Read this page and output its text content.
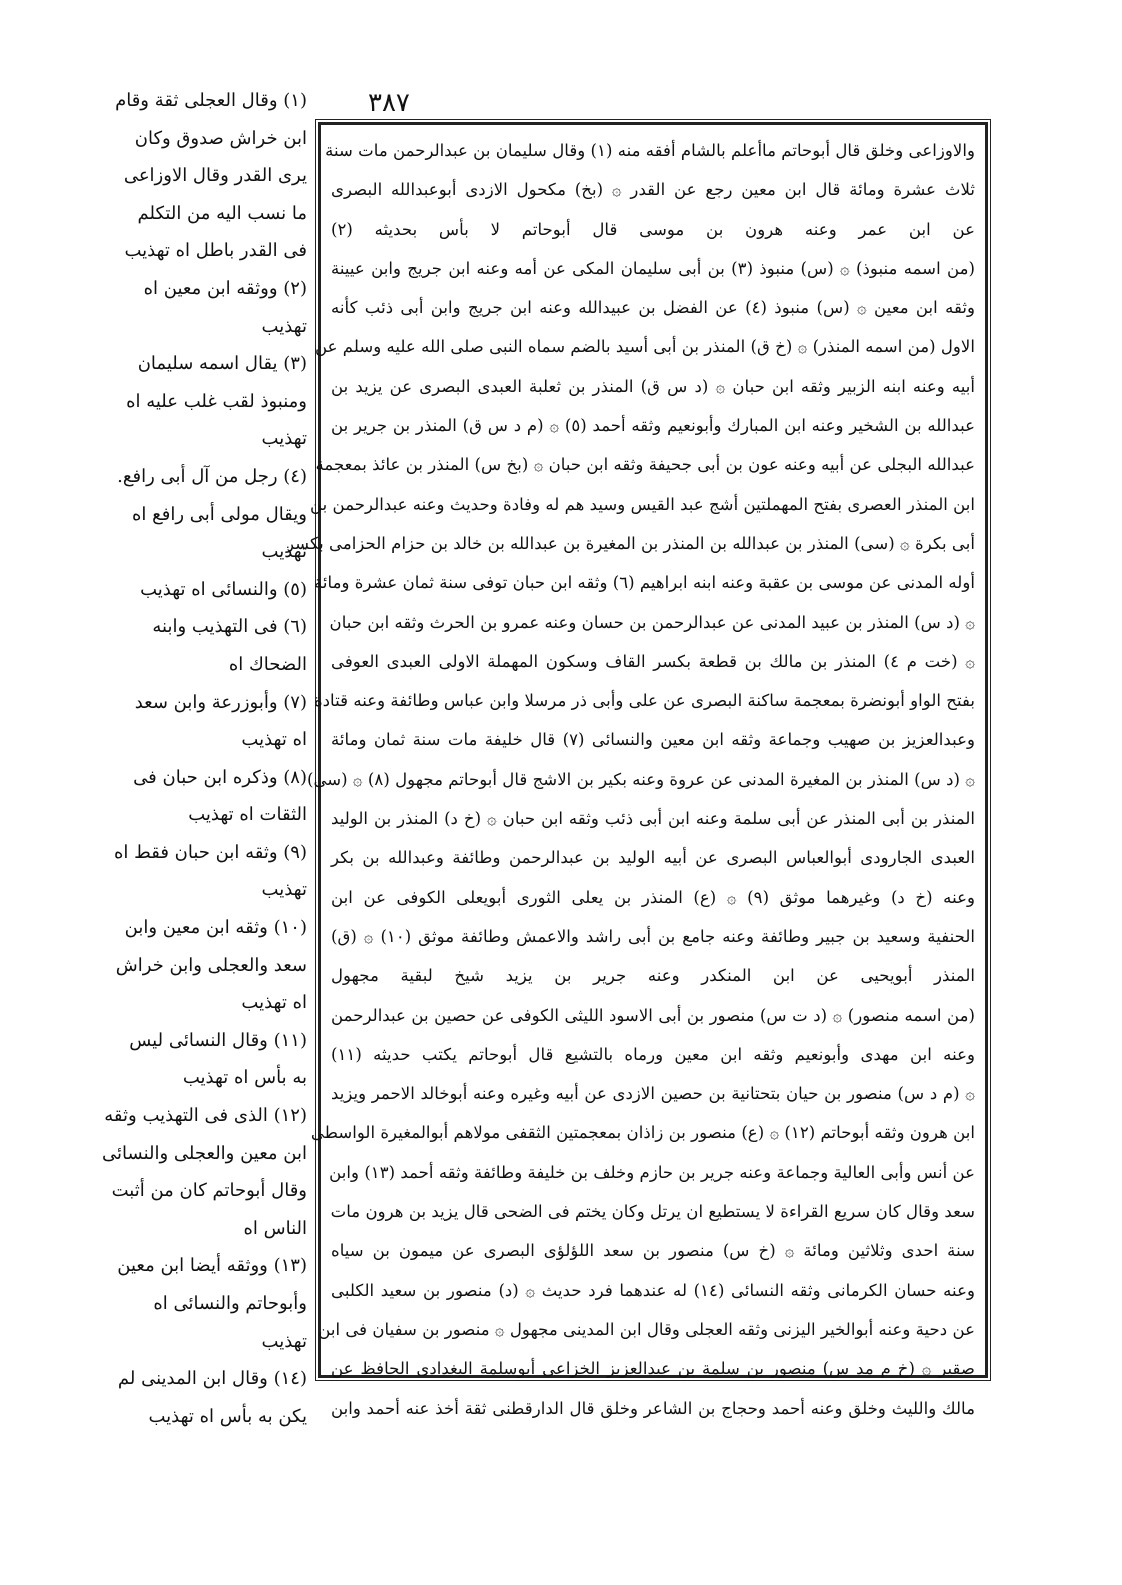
٣٨٧
والاوزاعى وخلق قال أبوحاتم ماأعلم بالشام أفقه منه (١) وقال سليمان بن عبدالرحمن مات سنة
ثلاث عشرة ومائة قال ابن معين رجع عن القدر ۞ (بخ) مكحول الازدى أبوعبدالله البصرى
عن ابن عمر وعنه هرون بن موسى قال أبوحاتم لا بأس بحديثه (٢)
(من اسمه منبوذ) ۞ (س) منبوذ (٣) بن أبى سليمان المكى عن أمه وعنه ابن جريج وابن عيينة
وثقه ابن معين ۞ (س) منبوذ (٤) عن الفضل بن عبيدالله وعنه ابن جريج وابن أبى ذئب كأنه
الاول (من اسمه المنذر) ۞ (خ ق) المنذر بن أبى أسيد بالضم سماه النبى صلى الله عليه وسلم عن
أبيه وعنه ابنه الزبير وثقه ابن حبان ۞ (د س ق) المنذر بن ثعلبة العبدى البصرى عن يزيد بن
عبدالله بن الشخير وعنه ابن المبارك وأبونعيم وثقه أحمد (٥) ۞ (م د س ق) المنذر بن جرير بن
عبدالله البجلى عن أبيه وعنه عون بن أبى جحيفة وثقه ابن حبان ۞ (بخ س) المنذر بن عائذ بمعجمة
ابن المنذر العصرى بفتح المهملتين أشج عبد القيس وسيد هم له وفادة وحديث وعنه عبدالرحمن بن
أبى بكرة ۞ (سى) المنذر بن عبدالله بن المنذر بن المغيرة بن عبدالله بن خالد بن حزام الحزامى بكسر
أوله المدنى عن موسى بن عقبة وعنه ابنه ابراهيم (٦) وثقه ابن حبان توفى سنة ثمان عشرة ومائة
۞ (د س) المنذر بن عبيد المدنى عن عبدالرحمن بن حسان وعنه عمرو بن الحرث وثقه ابن حبان
۞ (خت م ٤) المنذر بن مالك بن قطعة بكسر القاف وسكون المهملة الاولى العبدى العوفى
بفتح الواو أبونضرة بمعجمة ساكنة البصرى عن على وأبى ذر مرسلا وابن عباس وطائفة وعنه قتادة
وعبدالعزيز بن صهيب وجماعة وثقه ابن معين والنسائى (٧) قال خليفة مات سنة ثمان ومائة
۞ (د س) المنذر بن المغيرة المدنى عن عروة وعنه بكير بن الاشج قال أبوحاتم مجهول (٨) ۞ (سى)
المنذر بن أبى المنذر عن أبى سلمة وعنه ابن أبى ذئب وثقه ابن حبان ۞ (خ د) المنذر بن الوليد
العبدى الجارودى أبوالعباس البصرى عن أبيه الوليد بن عبدالرحمن وطائفة وعبدالله بن بكر
وعنه (خ د) وغيرهما موثق (٩) ۞ (ع) المنذر بن يعلى الثورى أبويعلى الكوفى عن ابن
الحنفية وسعيد بن جبير وطائفة وعنه جامع بن أبى راشد والاعمش وطائفة موثق (١٠) ۞ (ق)
المنذر أبويحيى عن ابن المنكدر وعنه جرير بن يزيد شيخ لبقية مجهول
(من اسمه منصور) ۞ (د ت س) منصور بن أبى الاسود الليثى الكوفى عن حصين بن عبدالرحمن
وعنه ابن مهدى وأبونعيم وثقه ابن معين ورماه بالتشيع قال أبوحاتم يكتب حديثه (١١)
۞ (م د س) منصور بن حيان بتحتانية بن حصين الازدى عن أبيه وغيره وعنه أبوخالد الاحمر ويزيد
ابن هرون وثقه أبوحاتم (١٢) ۞ (ع) منصور بن زاذان بمعجمتين الثقفى مولاهم أبوالمغيرة الواسطى
عن أنس وأبى العالية وجماعة وعنه جرير بن حازم وخلف بن خليفة وطائفة وثقه أحمد (١٣) وابن
سعد وقال كان سريع القراءة لا يستطيع ان يرتل وكان يختم فى الضحى قال يزيد بن هرون مات
سنة احدى وثلاثين ومائة ۞ (خ س) منصور بن سعد اللؤلؤى البصرى عن ميمون بن سياه
وعنه حسان الكرمانى وثقه النسائى (١٤) له عندهما فرد حديث ۞ (د) منصور بن سعيد الكلبى
عن دحية وعنه أبوالخير اليزنى وثقه العجلى وقال ابن المدينى مجهول ۞ منصور بن سفيان فى ابن
صقير ۞ (خ م مد س) منصور بن سلمة بن عبدالعزيز الخزاعى أبوسلمة البغدادى الحافظ عن
مالك والليث وخلق وعنه أحمد وحجاج بن الشاعر وخلق قال الدارقطنى ثقة أخذ عنه أحمد وابن
(١) وقال العجلى ثقة وقام
ابن خراش صدوق وكان
يرى القدر وقال الاوزاعى
ما نسب اليه من التكلم
فى القدر باطل اه تهذيب
(٢) ووثقه ابن معين اه
تهذيب
(٣) يقال اسمه سليمان
ومنبوذ لقب غلب عليه اه
تهذيب
(٤) رجل من آل أبى رافع.
ويقال مولى أبى رافع اه
تهذيب
(٥) والنسائى اه تهذيب
(٦) فى التهذيب وابنه
الضحاك اه
(٧) وأبوزرعة وابن سعد
اه تهذيب
(٨) وذكره ابن حبان فى
الثقات اه تهذيب
(٩) وثقه ابن حبان فقط اه
تهذيب
(١٠) وثقه ابن معين وابن
سعد والعجلى وابن خراش
اه تهذيب
(١١) وقال النسائى ليس
به بأس اه تهذيب
(١٢) الذى فى التهذيب وثقه
ابن معين والعجلى والنسائى
وقال أبوحاتم كان من أثبت
الناس اه
(١٣) ووثقه أيضا ابن معين
وأبوحاتم والنسائى اه
تهذيب
(١٤) وقال ابن المدينى لم
يكن به بأس اه تهذيب
